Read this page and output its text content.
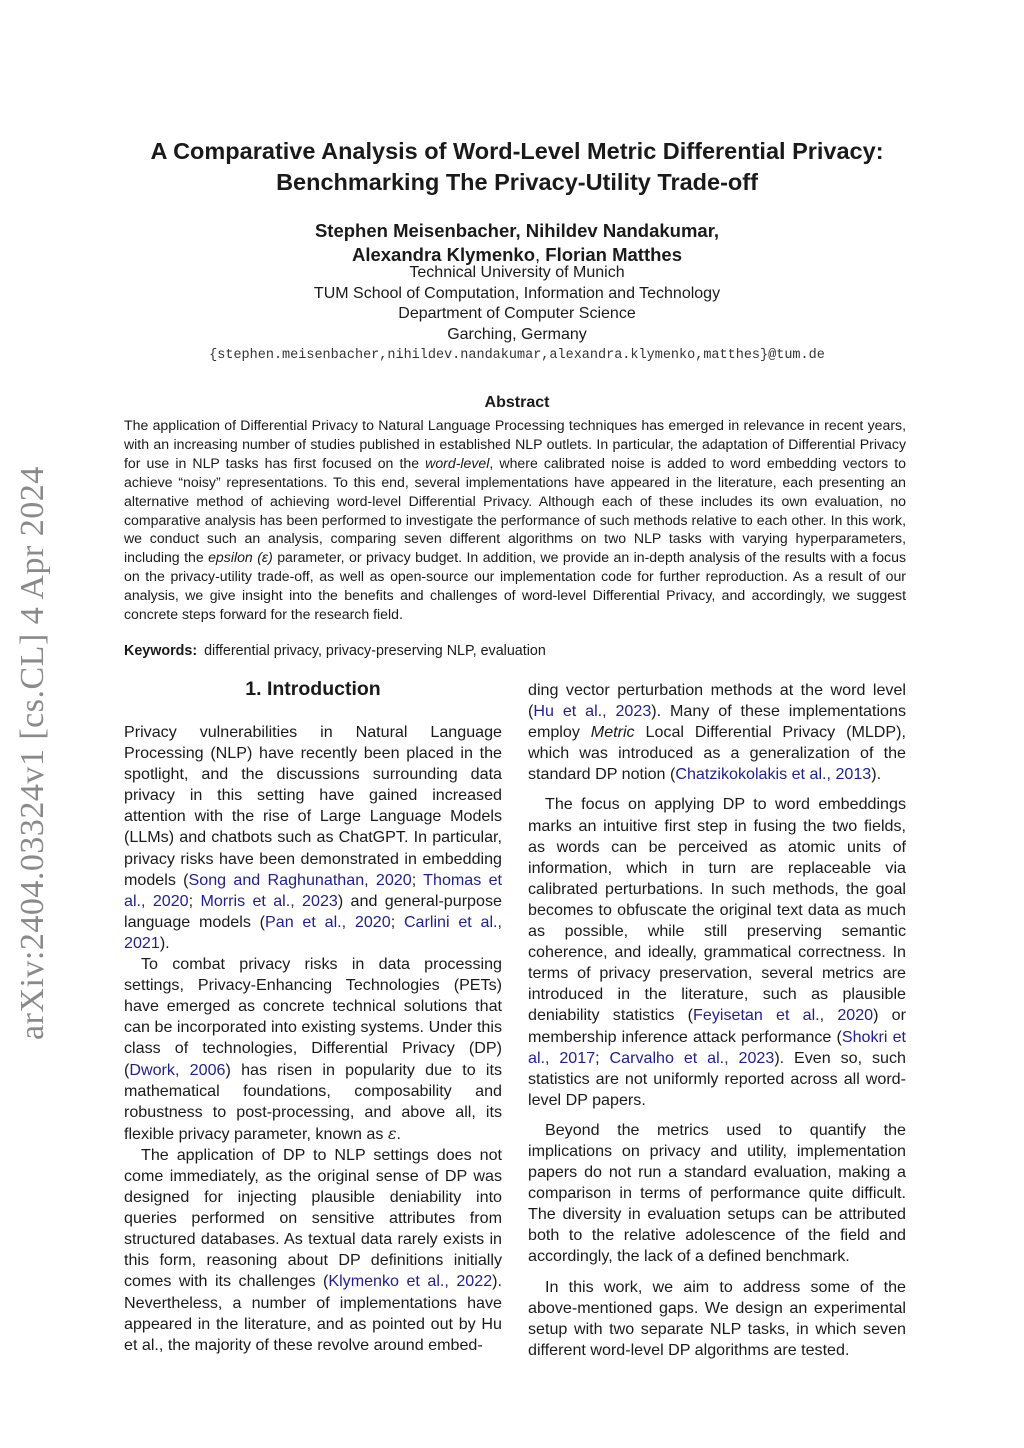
arXiv:2404.03324v1 [cs.CL] 4 Apr 2024
A Comparative Analysis of Word-Level Metric Differential Privacy:
Benchmarking The Privacy-Utility Trade-off
Stephen Meisenbacher, Nihildev Nandakumar,
Alexandra Klymenko, Florian Matthes
Technical University of Munich
TUM School of Computation, Information and Technology
Department of Computer Science
Garching, Germany
{stephen.meisenbacher,nihildev.nandakumar,alexandra.klymenko,matthes}@tum.de
Abstract
The application of Differential Privacy to Natural Language Processing techniques has emerged in relevance in recent years, with an increasing number of studies published in established NLP outlets. In particular, the adaptation of Differential Privacy for use in NLP tasks has first focused on the word-level, where calibrated noise is added to word embedding vectors to achieve “noisy” representations. To this end, several implementations have appeared in the literature, each presenting an alternative method of achieving word-level Differential Privacy. Although each of these includes its own evaluation, no comparative analysis has been performed to investigate the performance of such methods relative to each other. In this work, we conduct such an analysis, comparing seven different algorithms on two NLP tasks with varying hyperparameters, including the epsilon (ε) parameter, or privacy budget. In addition, we provide an in-depth analysis of the results with a focus on the privacy-utility trade-off, as well as open-source our implementation code for further reproduction. As a result of our analysis, we give insight into the benefits and challenges of word-level Differential Privacy, and accordingly, we suggest concrete steps forward for the research field.
Keywords: differential privacy, privacy-preserving NLP, evaluation
1. Introduction

Privacy vulnerabilities in Natural Language Processing (NLP) have recently been placed in the spotlight, and the discussions surrounding data privacy in this setting have gained increased attention with the rise of Large Language Models (LLMs) and chatbots such as ChatGPT. In particular, privacy risks have been demonstrated in embedding models (Song and Raghunathan, 2020; Thomas et al., 2020; Morris et al., 2023) and general-purpose language models (Pan et al., 2020; Carlini et al., 2021).

To combat privacy risks in data processing settings, Privacy-Enhancing Technologies (PETs) have emerged as concrete technical solutions that can be incorporated into existing systems. Under this class of technologies, Differential Privacy (DP) (Dwork, 2006) has risen in popularity due to its mathematical foundations, composability and robustness to post-processing, and above all, its flexible privacy parameter, known as ε.

The application of DP to NLP settings does not come immediately, as the original sense of DP was designed for injecting plausible deniability into queries performed on sensitive attributes from structured databases. As textual data rarely exists in this form, reasoning about DP definitions initially comes with its challenges (Klymenko et al., 2022). Nevertheless, a number of implementations have appeared in the literature, and as pointed out by Hu et al., the majority of these revolve around embed-

ding vector perturbation methods at the word level (Hu et al., 2023). Many of these implementations employ Metric Local Differential Privacy (MLDP), which was introduced as a generalization of the standard DP notion (Chatzikokolakis et al., 2013).

The focus on applying DP to word embeddings marks an intuitive first step in fusing the two fields, as words can be perceived as atomic units of information, which in turn are replaceable via calibrated perturbations. In such methods, the goal becomes to obfuscate the original text data as much as possible, while still preserving semantic coherence, and ideally, grammatical correctness. In terms of privacy preservation, several metrics are introduced in the literature, such as plausible deniability statistics (Feyisetan et al., 2020) or membership inference attack performance (Shokri et al., 2017; Carvalho et al., 2023). Even so, such statistics are not uniformly reported across all word-level DP papers.

Beyond the metrics used to quantify the implications on privacy and utility, implementation papers do not run a standard evaluation, making a comparison in terms of performance quite difficult. The diversity in evaluation setups can be attributed both to the relative adolescence of the field and accordingly, the lack of a defined benchmark.

In this work, we aim to address some of the above-mentioned gaps. We design an experimental setup with two separate NLP tasks, in which seven different word-level DP algorithms are tested.
